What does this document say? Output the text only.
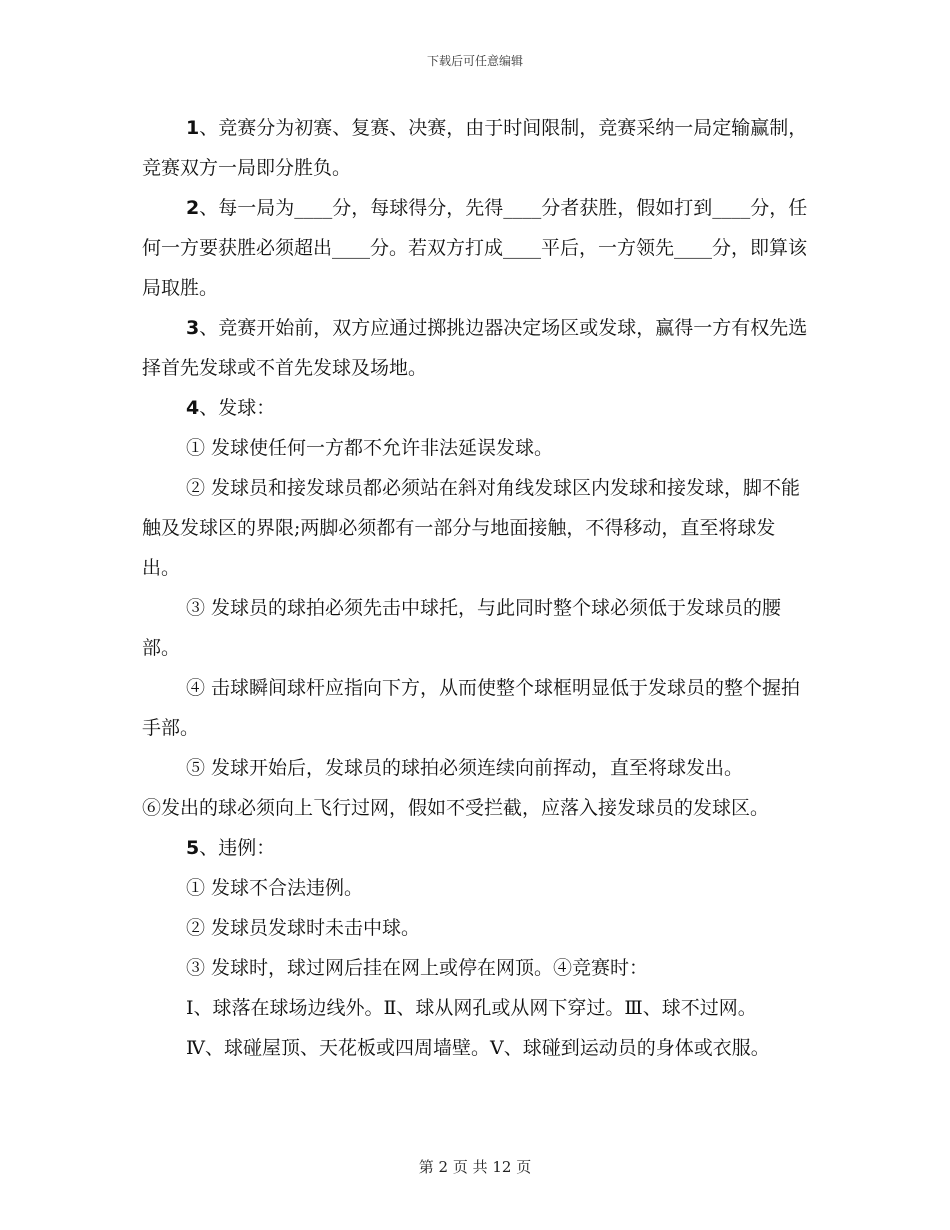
下载后可任意编辑

1、竞赛分为初赛、复赛、决赛，由于时间限制，竞赛采纳一局定输赢制，竞赛双方一局即分胜负。

2、每一局为____分，每球得分，先得____分者获胜，假如打到____分，任何一方要获胜必须超出____分。若双方打成____平后，一方领先____分，即算该局取胜。

3、竞赛开始前，双方应通过掷挑边器决定场区或发球，赢得一方有权先选择首先发球或不首先发球及场地。

4、发球：

① 发球使任何一方都不允许非法延误发球。

② 发球员和接发球员都必须站在斜对角线发球区内发球和接发球，脚不能触及发球区的界限;两脚必须都有一部分与地面接触，不得移动，直至将球发出。

③ 发球员的球拍必须先击中球托，与此同时整个球必须低于发球员的腰部。

④ 击球瞬间球杆应指向下方，从而使整个球框明显低于发球员的整个握拍手部。

⑤ 发球开始后，发球员的球拍必须连续向前挥动，直至将球发出。

⑥发出的球必须向上飞行过网，假如不受拦截，应落入接发球员的发球区。

5、违例：

① 发球不合法违例。

② 发球员发球时未击中球。

③ 发球时，球过网后挂在网上或停在网顶。④竞赛时：

Ⅰ、球落在球场边线外。Ⅱ、球从网孔或从网下穿过。Ⅲ、球不过网。

Ⅳ、球碰屋顶、天花板或四周墙壁。Ⅴ、球碰到运动员的身体或衣服。

第 2 页 共 12 页
